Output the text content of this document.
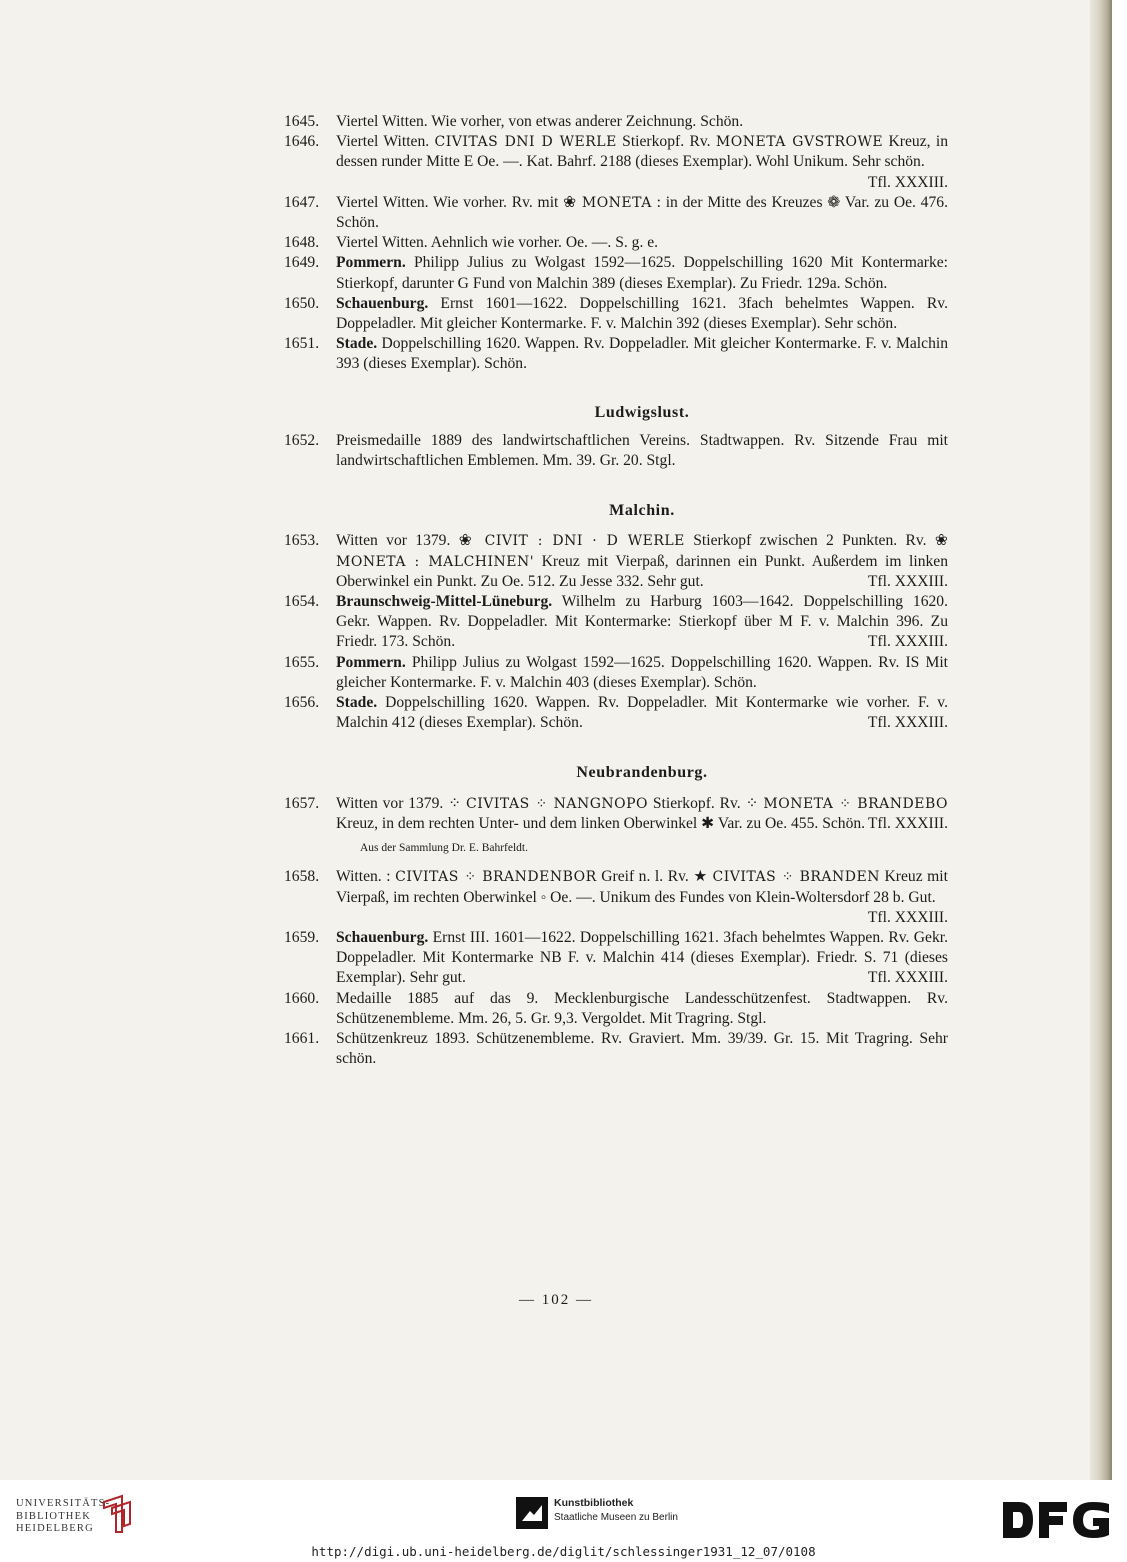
1645.	Viertel Witten. Wie vorher, von etwas anderer Zeichnung. Schön.
1646.	Viertel Witten. CIVITAS DNI D WERLE Stierkopf. Rv. MONETA GVSTROWE Kreuz, in dessen runder Mitte E Oe. —. Kat. Bahrf. 2188 (dieses Exemplar). Wohl Unikum. Sehr schön.
Tfl. XXXIII.
1647.	Viertel Witten. Wie vorher. Rv. mit ❀ MONETA : in der Mitte des Kreuzes ❁ Var. zu Oe. 476. Schön.
1648.	Viertel Witten. Aehnlich wie vorher. Oe. —. S. g. e.
1649.	Pommern. Philipp Julius zu Wolgast 1592—1625. Doppelschilling 1620 Mit Kontermarke: Stierkopf, darunter G Fund von Malchin 389 (dieses Exemplar). Zu Friedr. 129a. Schön.
1650.	Schauenburg. Ernst 1601—1622. Doppelschilling 1621. 3fach behelmtes Wappen. Rv. Doppeladler. Mit gleicher Kontermarke. F. v. Malchin 392 (dieses Exemplar). Sehr schön.
1651.	Stade. Doppelschilling 1620. Wappen. Rv. Doppeladler. Mit gleicher Kontermarke. F. v. Malchin 393 (dieses Exemplar). Schön.
Ludwigslust.
1652.	Preismedaille 1889 des landwirtschaftlichen Vereins. Stadtwappen. Rv. Sitzende Frau mit landwirtschaftlichen Emblemen. Mm. 39. Gr. 20. Stgl.
Malchin.
1653.	Witten vor 1379. ❀ CIVIT : DNI · D WERLE Stierkopf zwischen 2 Punkten. Rv. ❀ MONETA : MALCHINEN' Kreuz mit Vierpaß, darinnen ein Punkt. Außerdem im linken Oberwinkel ein Punkt. Zu Oe. 512. Zu Jesse 332. Sehr gut.	Tfl. XXXIII.
1654.	Braunschweig-Mittel-Lüneburg. Wilhelm zu Harburg 1603—1642. Doppelschilling 1620. Gekr. Wappen. Rv. Doppeladler. Mit Kontermarke: Stierkopf über M F. v. Malchin 396. Zu Friedr. 173. Schön.	Tfl. XXXIII.
1655.	Pommern. Philipp Julius zu Wolgast 1592—1625. Doppelschilling 1620. Wappen. Rv. IS Mit gleicher Kontermarke. F. v. Malchin 403 (dieses Exemplar). Schön.
1656.	Stade. Doppelschilling 1620. Wappen. Rv. Doppeladler. Mit Kontermarke wie vorher. F. v. Malchin 412 (dieses Exemplar). Schön.	Tfl. XXXIII.
Neubrandenburg.
1657.	Witten vor 1379. ⁘ CIVITAS ⁘ NANGNOPO Stierkopf. Rv. ⁘ MONETA ⁘ BRANDEBO Kreuz, in dem rechten Unter- und dem linken Oberwinkel ✱ Var. zu Oe. 455. Schön. Tfl. XXXIII.
Aus der Sammlung Dr. E. Bahrfeldt.
1658.	Witten. : CIVITAS ⁘ BRANDENBOR Greif n. l. Rv. ★ CIVITAS ⁘ BRANDEN Kreuz mit Vierpaß, im rechten Oberwinkel ◦ Oe. —. Unikum des Fundes von Klein-Woltersdorf 28 b. Gut.
Tfl. XXXIII.
1659.	Schauenburg. Ernst III. 1601—1622. Doppelschilling 1621. 3fach behelmtes Wappen. Rv. Gekr. Doppeladler. Mit Kontermarke NB F. v. Malchin 414 (dieses Exemplar). Friedr. S. 71 (dieses Exemplar). Sehr gut.	Tfl. XXXIII.
1660.	Medaille 1885 auf das 9. Mecklenburgische Landesschützenfest. Stadtwappen. Rv. Schützenembleme. Mm. 26, 5. Gr. 9,3. Vergoldet. Mit Tragring. Stgl.
1661.	Schützenkreuz 1893. Schützenembleme. Rv. Graviert. Mm. 39/39. Gr. 15. Mit Tragring. Sehr schön.
— 102 —
UNIVERSITÄTS-
BIBLIOTHEK
HEIDELBERG
Kunstbibliothek
Staatliche Museen zu Berlin
http://digi.ub.uni-heidelberg.de/diglit/schlessinger1931_12_07/0108
